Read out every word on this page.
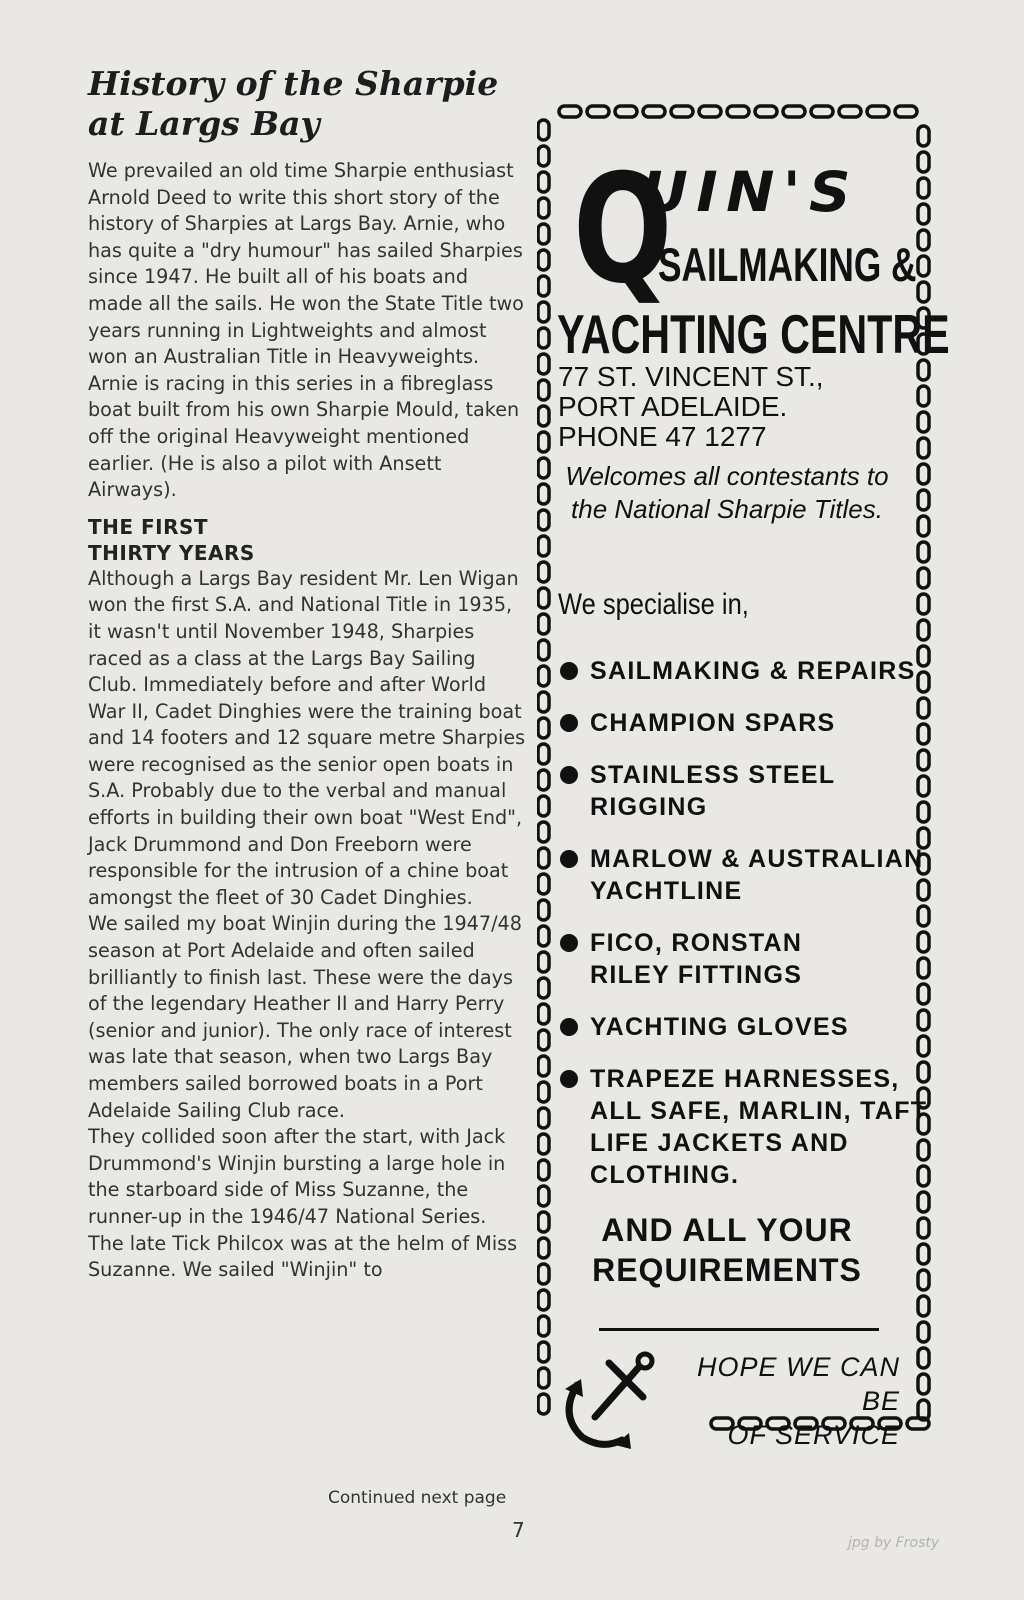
History of the Sharpie at Largs Bay

We prevailed an old time Sharpie enthusiast Arnold Deed to write this short story of the history of Sharpies at Largs Bay. Arnie, who has quite a "dry humour" has sailed Sharpies since 1947. He built all of his boats and made all the sails. He won the State Title two years running in Lightweights and almost won an Australian Title in Heavyweights. Arnie is racing in this series in a fibreglass boat built from his own Sharpie Mould, taken off the original Heavyweight mentioned earlier. (He is also a pilot with Ansett Airways).

THE FIRST
THIRTY YEARS

Although a Largs Bay resident Mr. Len Wigan won the first S.A. and National Title in 1935, it wasn't until November 1948, Sharpies raced as a class at the Largs Bay Sailing Club. Immediately before and after World War II, Cadet Dinghies were the training boat and 14 footers and 12 square metre Sharpies were recognised as the senior open boats in S.A. Probably due to the verbal and manual efforts in building their own boat "West End", Jack Drummond and Don Freeborn were responsible for the intrusion of a chine boat amongst the fleet of 30 Cadet Dinghies.

We sailed my boat Winjin during the 1947/48 season at Port Adelaide and often sailed brilliantly to finish last. These were the days of the legendary Heather II and Harry Perry (senior and junior). The only race of interest was late that season, when two Largs Bay members sailed borrowed boats in a Port Adelaide Sailing Club race.

They collided soon after the start, with Jack Drummond's Winjin bursting a large hole in the starboard side of Miss Suzanne, the runner-up in the 1946/47 National Series. The late Tick Philcox was at the helm of Miss Suzanne. We sailed "Winjin" to

Continued next page
7
jpg by Frosty
Q
UIN'S
SAILMAKING &
YACHTING CENTRE
77 ST. VINCENT ST.,
PORT ADELAIDE.
PHONE 47 1277
Welcomes all contestants to the National Sharpie Titles.
We specialise in,
SAILMAKING & REPAIRS
CHAMPION SPARS
STAINLESS STEEL
RIGGING
MARLOW & AUSTRALIAN
YACHTLINE
FICO, RONSTAN
RILEY FITTINGS
YACHTING GLOVES
TRAPEZE HARNESSES,
ALL SAFE, MARLIN, TAFT
LIFE JACKETS AND
CLOTHING.
AND ALL YOUR
REQUIREMENTS
HOPE WE CAN BE
OF SERVICE
